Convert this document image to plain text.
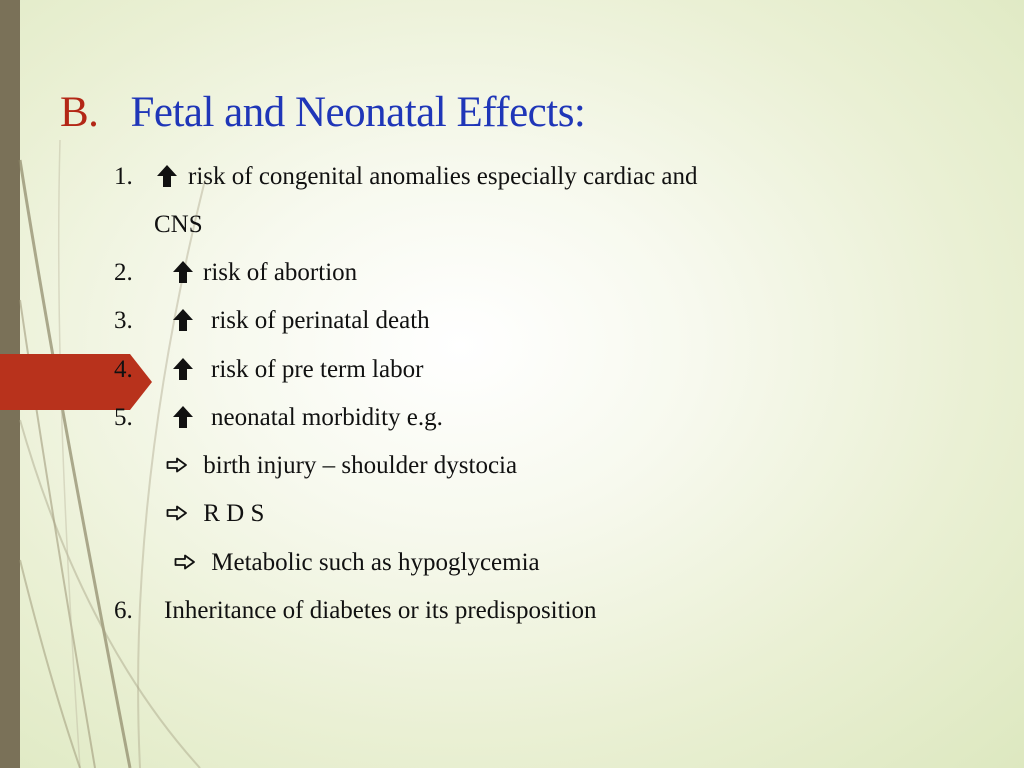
B. Fetal and Neonatal Effects:
1. risk of congenital anomalies especially cardiac and
CNS
2.	risk of abortion
3.	risk of perinatal death
4.	risk of pre term labor
5.	neonatal morbidity e.g.
birth injury – shoulder dystocia
R D S
Metabolic such as hypoglycemia
6. Inheritance of diabetes or its predisposition
